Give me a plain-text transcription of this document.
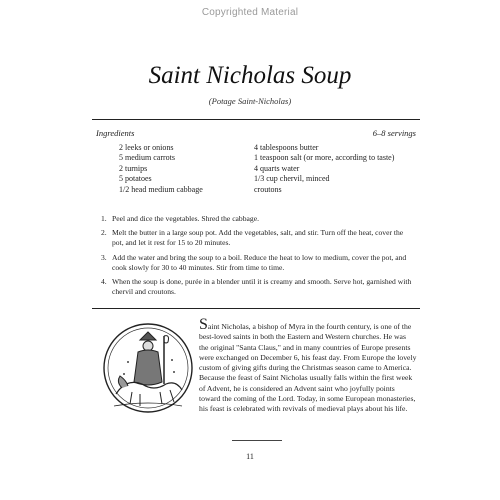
Copyrighted Material
Saint Nicholas Soup
(Potage Saint-Nicholas)
Ingredients	6–8 servings
2 leeks or onions
5 medium carrots
2 turnips
5 potatoes
1/2 head medium cabbage
4 tablespoons butter
1 teaspoon salt (or more, according to taste)
4 quarts water
1/3 cup chervil, minced
croutons
1. Peel and dice the vegetables. Shred the cabbage.
2. Melt the butter in a large soup pot. Add the vegetables, salt, and stir. Turn off the heat, cover the pot, and let it rest for 15 to 20 minutes.
3. Add the water and bring the soup to a boil. Reduce the heat to low to medium, cover the pot, and cook slowly for 30 to 40 minutes. Stir from time to time.
4. When the soup is done, purée in a blender until it is creamy and smooth. Serve hot, garnished with chervil and croutons.
Saint Nicholas, a bishop of Myra in the fourth century, is one of the best-loved saints in both the Eastern and Western churches. He was the original "Santa Claus," and in many countries of Europe presents were exchanged on December 6, his feast day. From Europe the lovely custom of giving gifts during the Christmas season came to America. Because the feast of Saint Nicholas usually falls within the first week of Advent, he is considered an Advent saint who joyfully points toward the coming of the Lord. Today, in some European monasteries, his feast is celebrated with revivals of medieval plays about his life.
11
